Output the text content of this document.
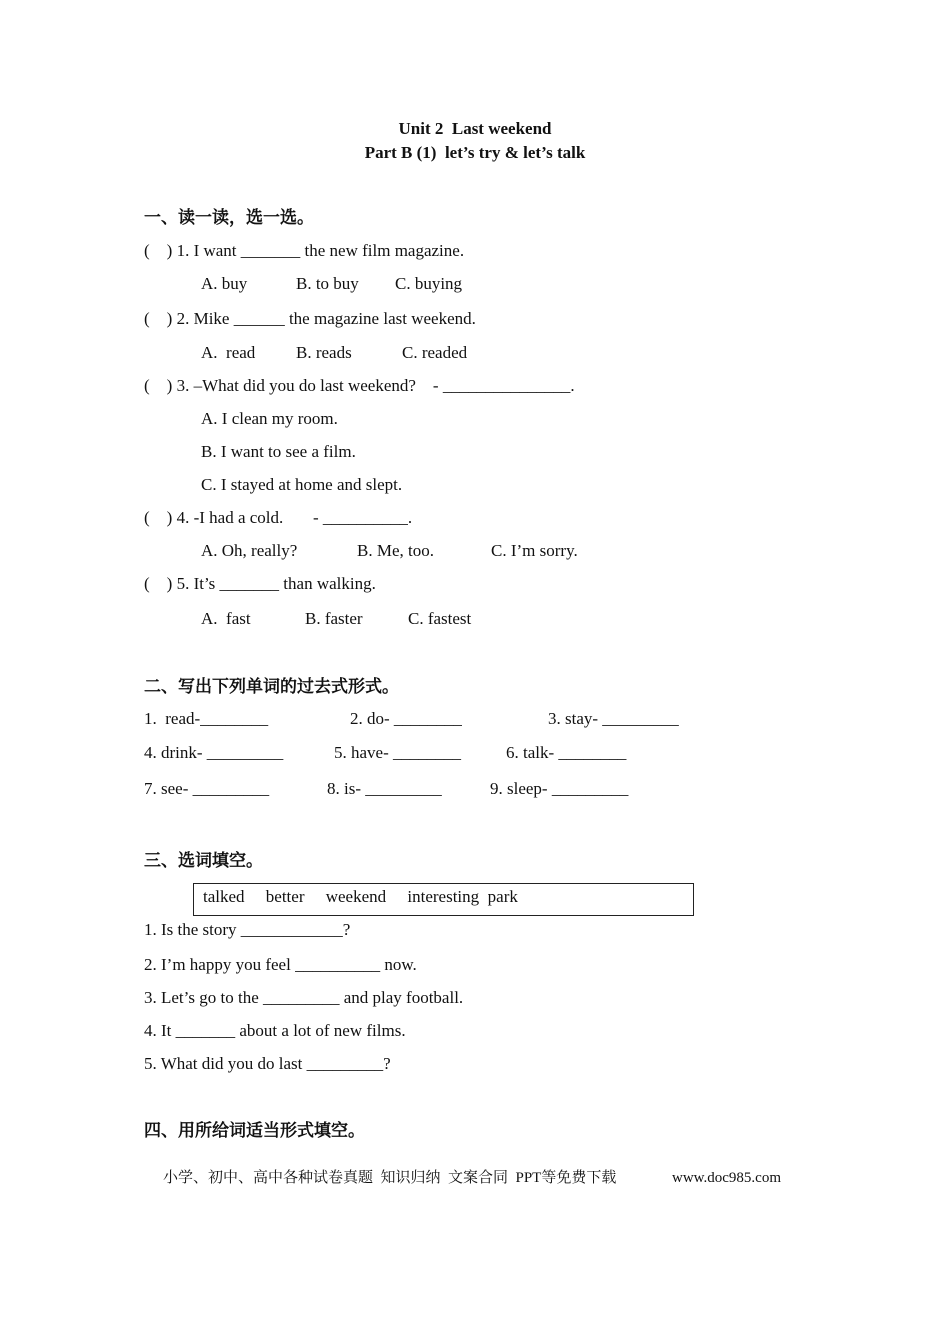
Unit 2  Last weekend
Part B (1)  let’s try & let’s talk
一、读一读，选一选。
(    ) 1. I want _______ the new film magazine.
A. buy	B. to buy C. buying
(    ) 2. Mike ______ the magazine last weekend.
A.  read B. reads	C. readed
(    ) 3. –What did you do last weekend?    - _______________.
A. I clean my room.
B. I want to see a film.
C. I stayed at home and slept.
(    ) 4. -I had a cold.       - __________.
A. Oh, really?	B. Me, too.	C. I’m sorry.
(    ) 5. It’s _______ than walking.
A.  fast	B. faster	C. fastest
二、写出下列单词的过去式形式。
1.  read-________	2. do- ________	3. stay- _________
4. drink- _________	5. have- ________	6. talk- ________
7. see- _________	8. is- _________	9. sleep- _________
三、选词填空。
talked     better     weekend     interesting  park
1. Is the story ____________?
2. I’m happy you feel __________ now.
3. Let’s go to the _________ and play football.
4. It _______ about a lot of new films.
5. What did you do last _________?
四、用所给词适当形式填空。
小学、初中、高中各种试卷真题  知识归纳  文案合同  PPT等免费下载	www.doc985.com
